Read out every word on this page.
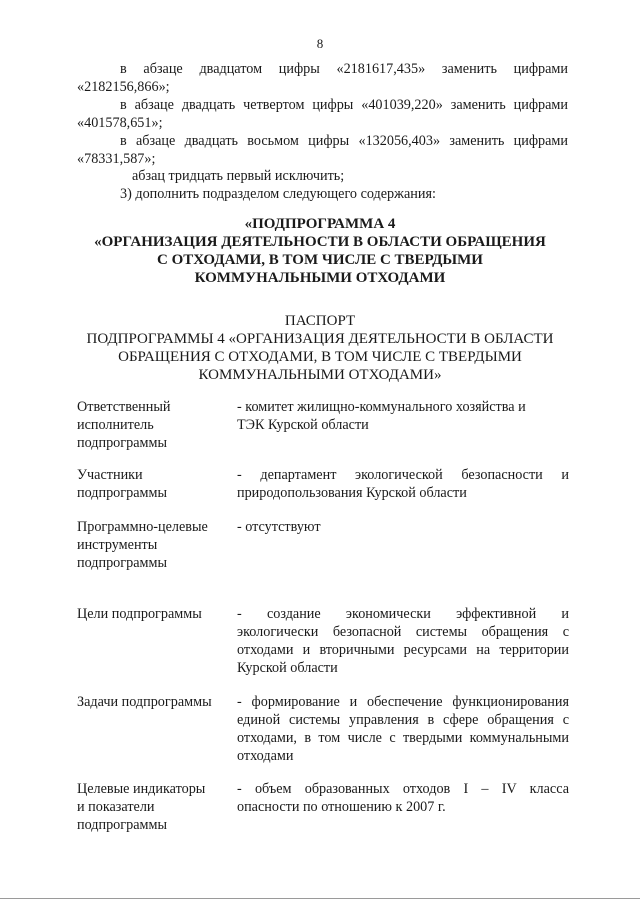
8
в абзаце двадцатом цифры «2181617,435» заменить цифрами
«2182156,866»;
в абзаце двадцать четвертом цифры «401039,220» заменить цифрами
«401578,651»;
в абзаце двадцать восьмом цифры «132056,403» заменить цифрами
«78331,587»;
абзац тридцать первый исключить;
3) дополнить подразделом следующего содержания:
«ПОДПРОГРАММА 4
«ОРГАНИЗАЦИЯ ДЕЯТЕЛЬНОСТИ В ОБЛАСТИ ОБРАЩЕНИЯ
С ОТХОДАМИ, В ТОМ ЧИСЛЕ С ТВЕРДЫМИ
КОММУНАЛЬНЫМИ ОТХОДАМИ
ПАСПОРТ
ПОДПРОГРАММЫ 4 «ОРГАНИЗАЦИЯ ДЕЯТЕЛЬНОСТИ В ОБЛАСТИ
ОБРАЩЕНИЯ С ОТХОДАМИ, В ТОМ ЧИСЛЕ С ТВЕРДЫМИ
КОММУНАЛЬНЫМИ ОТХОДАМИ»
Ответственный
исполнитель
подпрограммы
- комитет жилищно-коммунального хозяйства и
ТЭК Курской области
Участники
подпрограммы
- департамент экологической безопасности и
природопользования Курской области
Программно-целевые
инструменты
подпрограммы
- отсутствуют
Цели подпрограммы	- создание экономически эффективной и
экологически безопасной системы обращения с
отходами и вторичными ресурсами на территории
Курской области
Задачи подпрограммы	- формирование и обеспечение функционирования
единой системы управления в сфере обращения с
отходами, в том числе с твердыми коммунальными
отходами
Целевые индикаторы
и показатели
подпрограммы
- объем образованных отходов I – IV класса
опасности по отношению к 2007 г.
